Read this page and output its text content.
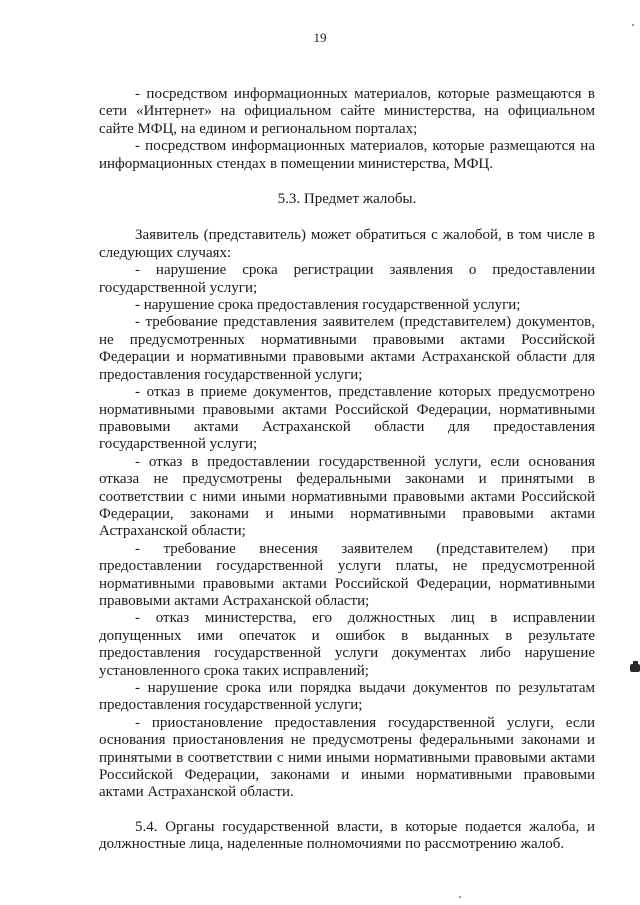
19

- посредством информационных материалов, которые размещаются в сети «Интернет» на официальном сайте министерства, на официальном сайте МФЦ, на едином и региональном порталах;

- посредством информационных материалов, которые размещаются на информационных стендах в помещении министерства, МФЦ.

5.3. Предмет жалобы.

Заявитель (представитель) может обратиться с жалобой, в том числе в следующих случаях:

- нарушение срока регистрации заявления о предоставлении государственной услуги;

- нарушение срока предоставления государственной услуги;

- требование представления заявителем (представителем) документов, не предусмотренных нормативными правовыми актами Российской Федерации и нормативными правовыми актами Астраханской области для предоставления государственной услуги;

- отказ в приеме документов, представление которых предусмотрено нормативными правовыми актами Российской Федерации, нормативными правовыми актами Астраханской области для предоставления государственной услуги;

- отказ в предоставлении государственной услуги, если основания отказа не предусмотрены федеральными законами и принятыми в соответствии с ними иными нормативными правовыми актами Российской Федерации, законами и иными нормативными правовыми актами Астраханской области;

- требование внесения заявителем (представителем) при предоставлении государственной услуги платы, не предусмотренной нормативными правовыми актами Российской Федерации, нормативными правовыми актами Астраханской области;

- отказ министерства, его должностных лиц в исправлении допущенных ими опечаток и ошибок в выданных в результате предоставления государственной услуги документах либо нарушение установленного срока таких исправлений;

- нарушение срока или порядка выдачи документов по результатам предоставления государственной услуги;

- приостановление предоставления государственной услуги, если основания приостановления не предусмотрены федеральными законами и принятыми в соответствии с ними иными нормативными правовыми актами Российской Федерации, законами и иными нормативными правовыми актами Астраханской области.

5.4. Органы государственной власти, в которые подается жалоба, и должностные лица, наделенные полномочиями по рассмотрению жалоб.
